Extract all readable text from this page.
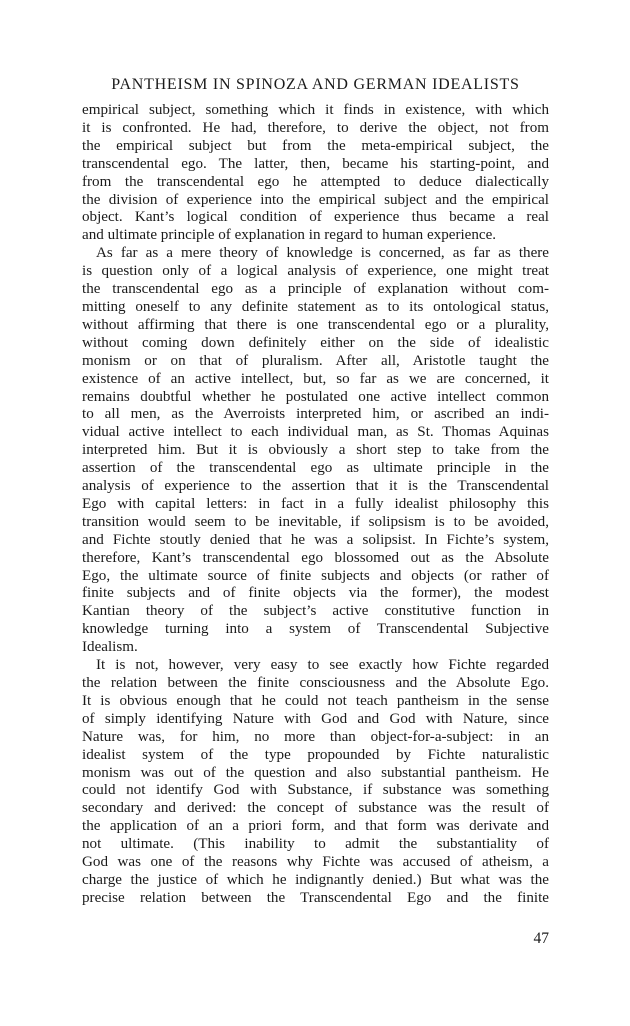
PANTHEISM IN SPINOZA AND GERMAN IDEALISTS

empirical subject, something which it finds in existence, with which

it is confronted. He had, therefore, to derive the object, not from

the empirical subject but from the meta-empirical subject, the

transcendental ego. The latter, then, became his starting-point, and

from the transcendental ego he attempted to deduce dialectically

the division of experience into the empirical subject and the empirical

object. Kant’s logical condition of experience thus became a real

and ultimate principle of explanation in regard to human experience.

As far as a mere theory of knowledge is concerned, as far as there

is question only of a logical analysis of experience, one might treat

the transcendental ego as a principle of explanation without com-

mitting oneself to any definite statement as to its ontological status,

without affirming that there is one transcendental ego or a plurality,

without coming down definitely either on the side of idealistic

monism or on that of pluralism. After all, Aristotle taught the

existence of an active intellect, but, so far as we are concerned, it

remains doubtful whether he postulated one active intellect common

to all men, as the Averroists interpreted him, or ascribed an indi-

vidual active intellect to each individual man, as St. Thomas Aquinas

interpreted him. But it is obviously a short step to take from the

assertion of the transcendental ego as ultimate principle in the

analysis of experience to the assertion that it is the Transcendental

Ego with capital letters: in fact in a fully idealist philosophy this

transition would seem to be inevitable, if solipsism is to be avoided,

and Fichte stoutly denied that he was a solipsist. In Fichte’s system,

therefore, Kant’s transcendental ego blossomed out as the Absolute

Ego, the ultimate source of finite subjects and objects (or rather of

finite subjects and of finite objects via the former), the modest

Kantian theory of the subject’s active constitutive function in

knowledge turning into a system of Transcendental Subjective

Idealism.

It is not, however, very easy to see exactly how Fichte regarded

the relation between the finite consciousness and the Absolute Ego.

It is obvious enough that he could not teach pantheism in the sense

of simply identifying Nature with God and God with Nature, since

Nature was, for him, no more than object-for-a-subject: in an

idealist system of the type propounded by Fichte naturalistic

monism was out of the question and also substantial pantheism. He

could not identify God with Substance, if substance was something

secondary and derived: the concept of substance was the result of

the application of an a priori form, and that form was derivate and

not ultimate. (This inability to admit the substantiality of

God was one of the reasons why Fichte was accused of atheism, a

charge the justice of which he indignantly denied.) But what was the

precise relation between the Transcendental Ego and the finite

47
